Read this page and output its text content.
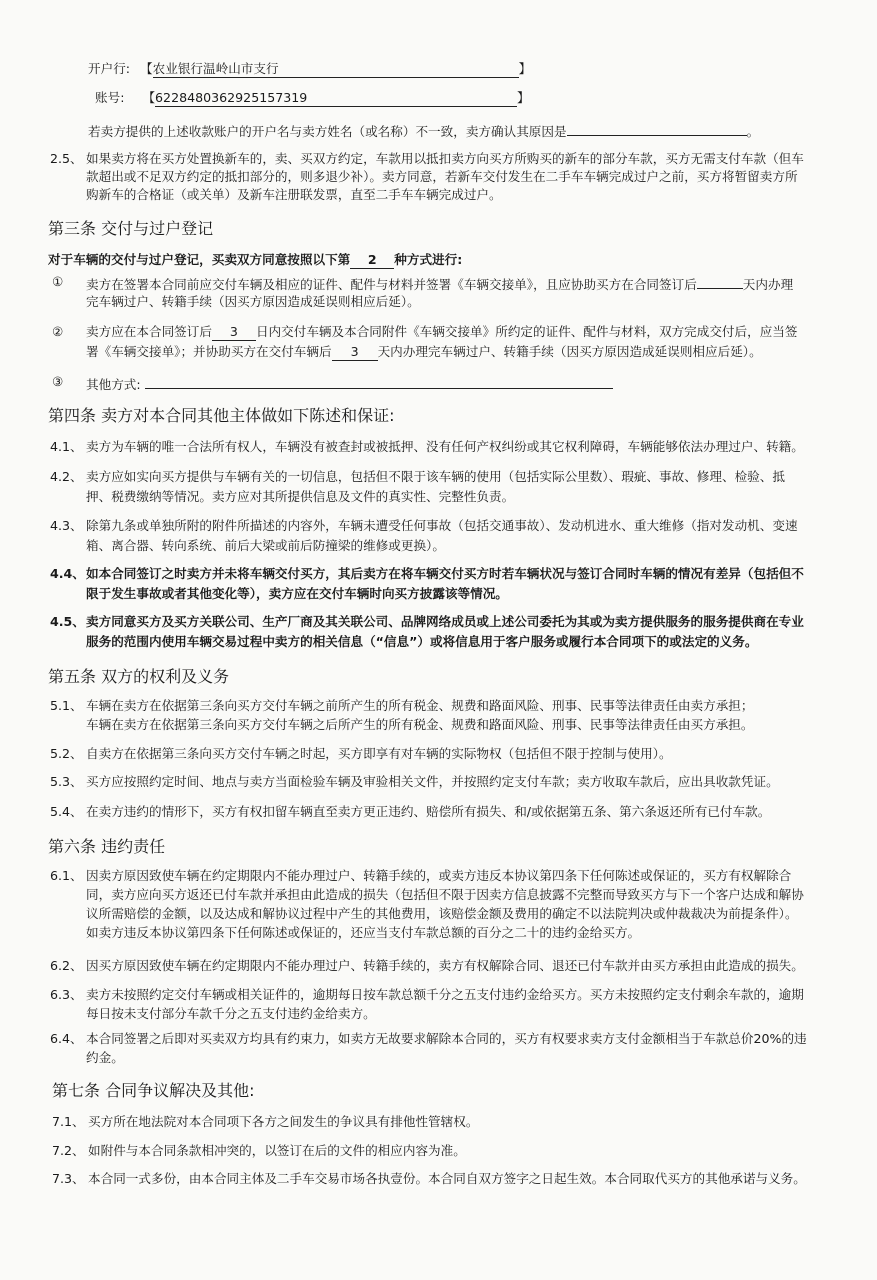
开户行: 【农业银行温岭山市支行	】
账号: 【6228480362925157319	】
若卖方提供的上述收款账户的开户名与卖方姓名（或名称）不一致，卖方确认其原因是	。
2.5、 如果卖方将在买方处置换新车的，卖、买双方约定，车款用以抵扣卖方向买方所购买的新车的部分车款，买方无需支付车款（但车
款超出或不足双方约定的抵扣部分的，则多退少补）。卖方同意，若新车交付发生在二手车车辆完成过户之前，买方将暂留卖方所
购新车的合格证（或关单）及新车注册联发票，直至二手车车辆完成过户。
第三条 交付与过户登记
对于车辆的交付与过户登记，买卖双方同意按照以下第 2 种方式进行:
① 卖方在签署本合同前应交付车辆及相应的证件、配件与材料并签署《车辆交接单》，且应协助买方在合同签订后	天内办理
完车辆过户、转籍手续（因买方原因造成延误则相应后延）。
② 卖方应在本合同签订后 3 日内交付车辆及本合同附件《车辆交接单》所约定的证件、配件与材料，双方完成交付后，应当签
署《车辆交接单》；并协助买方在交付车辆后 3 天内办理完车辆过户、转籍手续（因买方原因造成延误则相应后延）。
③ 其他方式:
第四条 卖方对本合同其他主体做如下陈述和保证:
4.1、 卖方为车辆的唯一合法所有权人，车辆没有被查封或被抵押、没有任何产权纠纷或其它权利障碍，车辆能够依法办理过户、转籍。
4.2、 卖方应如实向买方提供与车辆有关的一切信息，包括但不限于该车辆的使用（包括实际公里数）、瑕疵、事故、修理、检验、抵
押、税费缴纳等情况。卖方应对其所提供信息及文件的真实性、完整性负责。
4.3、 除第九条或单独所附的附件所描述的内容外，车辆未遭受任何事故（包括交通事故）、发动机进水、重大维修（指对发动机、变速
箱、离合器、转向系统、前后大梁或前后防撞梁的维修或更换）。
4.4、 如本合同签订之时卖方并未将车辆交付买方，其后卖方在将车辆交付买方时若车辆状况与签订合同时车辆的情况有差异（包括但不
限于发生事故或者其他变化等），卖方应在交付车辆时向买方披露该等情况。
4.5、 卖方同意买方及买方关联公司、生产厂商及其关联公司、品牌网络成员或上述公司委托为其或为卖方提供服务的服务提供商在专业
服务的范围内使用车辆交易过程中卖方的相关信息（“信息”）或将信息用于客户服务或履行本合同项下的或法定的义务。
第五条 双方的权利及义务
5.1、 车辆在卖方在依据第三条向买方交付车辆之前所产生的所有税金、规费和路面风险、刑事、民事等法律责任由卖方承担；
车辆在卖方在依据第三条向买方交付车辆之后所产生的所有税金、规费和路面风险、刑事、民事等法律责任由买方承担。
5.2、 自卖方在依据第三条向买方交付车辆之时起，买方即享有对车辆的实际物权（包括但不限于控制与使用）。
5.3、 买方应按照约定时间、地点与卖方当面检验车辆及审验相关文件，并按照约定支付车款；卖方收取车款后，应出具收款凭证。
5.4、 在卖方违约的情形下，买方有权扣留车辆直至卖方更正违约、赔偿所有损失、和/或依据第五条、第六条返还所有已付车款。
第六条 违约责任
6.1、 因卖方原因致使车辆在约定期限内不能办理过户、转籍手续的，或卖方违反本协议第四条下任何陈述或保证的，买方有权解除合
同，卖方应向买方返还已付车款并承担由此造成的损失（包括但不限于因卖方信息披露不完整而导致买方与下一个客户达成和解协
议所需赔偿的金额，以及达成和解协议过程中产生的其他费用，该赔偿金额及费用的确定不以法院判决或仲裁裁决为前提条件）。
如卖方违反本协议第四条下任何陈述或保证的，还应当支付车款总额的百分之二十的违约金给买方。
6.2、 因买方原因致使车辆在约定期限内不能办理过户、转籍手续的，卖方有权解除合同、退还已付车款并由买方承担由此造成的损失。
6.3、 卖方未按照约定交付车辆或相关证件的，逾期每日按车款总额千分之五支付违约金给买方。买方未按照约定支付剩余车款的，逾期
每日按未支付部分车款千分之五支付违约金给卖方。
6.4、 本合同签署之后即对买卖双方均具有约束力，如卖方无故要求解除本合同的，买方有权要求卖方支付金额相当于车款总价20%的违
约金。
第七条 合同争议解决及其他:
7.1、 买方所在地法院对本合同项下各方之间发生的争议具有排他性管辖权。
7.2、 如附件与本合同条款相冲突的，以签订在后的文件的相应内容为准。
7.3、 本合同一式多份，由本合同主体及二手车交易市场各执壹份。本合同自双方签字之日起生效。本合同取代买方的其他承诺与义务。
